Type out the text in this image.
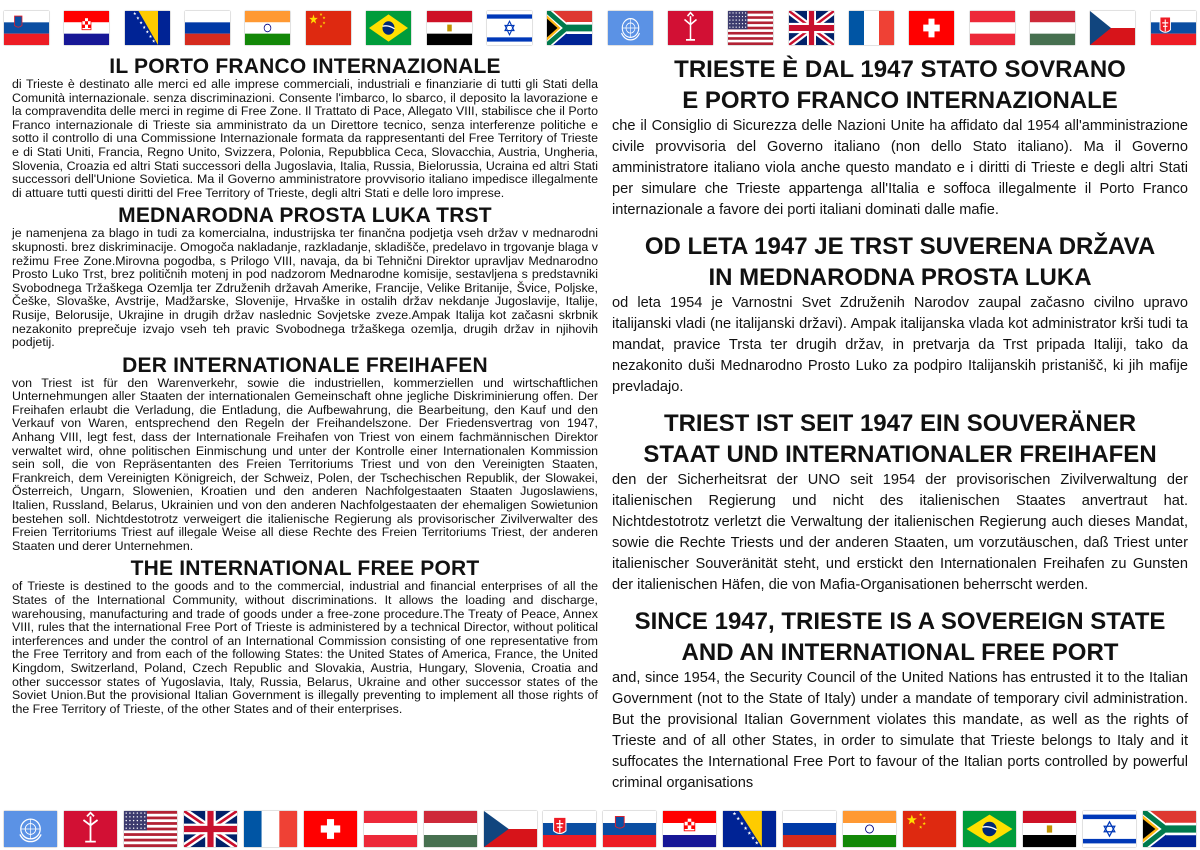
IL PORTO FRANCO INTERNAZIONALE

di Trieste è destinato alle merci ed alle imprese commerciali, industriali e finanziarie di tutti gli Stati della Comunità internazionale. senza discriminazioni. Consente l'imbarco, lo sbarco, il deposito la lavorazione e la compravendita delle merci in regime di Free Zone. Il Trattato di Pace, Allegato VIII, stabilisce che il Porto Franco internazionale di Trieste sia amministrato da un Direttore tecnico, senza interferenze politiche e sotto il controllo di una Commissione Internazionale formata da rappresentanti del Free Territory of Trieste e di Stati Uniti, Francia, Regno Unito, Svizzera, Polonia, Repubblica Ceca, Slovacchia, Austria, Ungheria, Slovenia, Croazia ed altri Stati successori della Jugoslavia, Italia, Russia, Bielorussia, Ucraina ed altri Stati successori dell'Unione Sovietica. Ma il Governo amministratore provvisorio italiano impedisce illegalmente di attuare tutti questi diritti del Free Territory of Trieste, degli altri Stati e delle loro imprese.

MEDNARODNA PROSTA LUKA TRST

je namenjena za blago in tudi za komercialna, industrijska ter finančna podjetja vseh držav v mednarodni skupnosti. brez diskriminacije. Omogoča nakladanje, razkladanje, skladišče, predelavo in trgovanje blaga v režimu Free Zone.Mirovna pogodba, s Prilogo VIII, navaja, da bi Tehnični Direktor upravljav Mednarodno Prosto Luko Trst, brez političnih motenj in pod nadzorom Mednarodne komisije, sestavljena s predstavniki Svobodnega Tržaškega Ozemlja ter Združenih državah Amerike, Francije, Velike Britanije, Švice, Poljske, Češke, Slovaške, Avstrije, Madžarske, Slovenije, Hrvaške in ostalih držav nekdanje Jugoslavije, Italije, Rusije, Belorusije, Ukrajine in drugih držav naslednic Sovjetske zveze.Ampak Italija kot začasni skrbnik nezakonito preprečuje izvajo vseh teh pravic Svobodnega tržaškega ozemlja, drugih držav in njihovih podjetij.

DER INTERNATIONALE FREIHAFEN

von Triest ist für den Warenverkehr, sowie die industriellen, kommerziellen und wirtschaftlichen Unternehmungen aller Staaten der internationalen Gemeinschaft ohne jegliche Diskriminierung offen. Der Freihafen erlaubt die Verladung, die Entladung, die Aufbewahrung, die Bearbeitung, den Kauf und den Verkauf von Waren, entsprechend den Regeln der Freihandelszone. Der Friedensvertrag von 1947, Anhang VIII, legt fest, dass der Internationale Freihafen von Triest von einem fachmännischen Direktor verwaltet wird, ohne politischen Einmischung und unter der Kontrolle einer Internationalen Kommission sein soll, die von Repräsentanten des Freien Territoriums Triest und von den Vereinigten Staaten, Frankreich, dem Vereinigten Königreich, der Schweiz, Polen, der Tschechischen Republik, der Slowakei, Österreich, Ungarn, Slowenien, Kroatien und den anderen Nachfolgestaaten Staaten Jugoslawiens, Italien, Russland, Belarus, Ukrainien und von den anderen Nachfolgestaaten der ehemaligen Sowietunion bestehen soll. Nichtdestotrotz verweigert die italienische Regierung als provisorischer Zivilverwalter des Freien Territoriums Triest auf illegale Weise all diese Rechte des Freien Territoriums Triest, der anderen Staaten und derer Unternehmen.

THE INTERNATIONAL FREE PORT

of Trieste is destined to the goods and to the commercial, industrial and financial enterprises of all the States of the International Community, without discriminations. It allows the loading and discharge, warehousing, manufacturing and trade of goods under a free-zone procedure.The Treaty of Peace, Annex VIII, rules that the international Free Port of Trieste is administered by a technical Director, without political interferences and under the control of an International Commission consisting of one representative from the Free Territory and from each of the following States: the United States of America, France, the United Kingdom, Switzerland, Poland, Czech Republic and Slovakia, Austria, Hungary, Slovenia, Croatia and other successor states of Yugoslavia, Italy, Russia, Belarus, Ukraine and other successor states of the Soviet Union.But the provisional Italian Government is illegally preventing to implement all those rights of the Free Territory of Trieste, of the other States and of their enterprises.

TRIESTE È DAL 1947 STATO SOVRANO
E PORTO FRANCO INTERNAZIONALE

che il Consiglio di Sicurezza delle Nazioni Unite ha affidato dal 1954 all'amministrazione civile provvisoria del Governo italiano (non dello Stato italiano). Ma il Governo amministratore italiano viola anche questo mandato e i diritti di Trieste e degli altri Stati per simulare che Trieste appartenga all'Italia e soffoca illegalmente il Porto Franco internazionale a favore dei porti italiani dominati dalle mafie.

OD LETA 1947 JE TRST SUVERENA DRŽAVA
IN MEDNARODNA PROSTA LUKA

od leta 1954 je Varnostni Svet Združenih Narodov zaupal začasno civilno upravo italijanski vladi (ne italijanski državi). Ampak italijanska vlada kot administrator krši tudi ta mandat, pravice Trsta ter drugih držav, in pretvarja da Trst pripada Italiji, tako da nezakonito duši Mednarodno Prosto Luko za podpiro Italijanskih pristanišč, ki jih mafije prevladajo.

TRIEST IST SEIT 1947 EIN SOUVERÄNER
STAAT UND INTERNATIONALER FREIHAFEN

den der Sicherheitsrat der UNO seit 1954 der provisorischen Zivilverwaltung der italienischen Regierung und nicht des italienischen Staates anvertraut hat. Nichtdestotrotz verletzt die Verwaltung der italienischen Regierung auch dieses Mandat, sowie die Rechte Triests und der anderen Staaten, um vorzutäuschen, daß Triest unter italienischer Souveränität steht, und erstickt den Internationalen Freihafen zu Gunsten der italienischen Häfen, die von Mafia-Organisationen beherrscht werden.

SINCE 1947, TRIESTE IS A SOVEREIGN STATE
AND AN INTERNATIONAL FREE PORT

and, since 1954, the Security Council of the United Nations has entrusted it to the Italian Government (not to the State of Italy) under a mandate of temporary civil administration. But the provisional Italian Government violates this mandate, as well as the rights of Trieste and of all other States, in order to simulate that Trieste belongs to Italy and it suffocates the International Free Port to favour of the Italian ports controlled by powerful criminal organisations
